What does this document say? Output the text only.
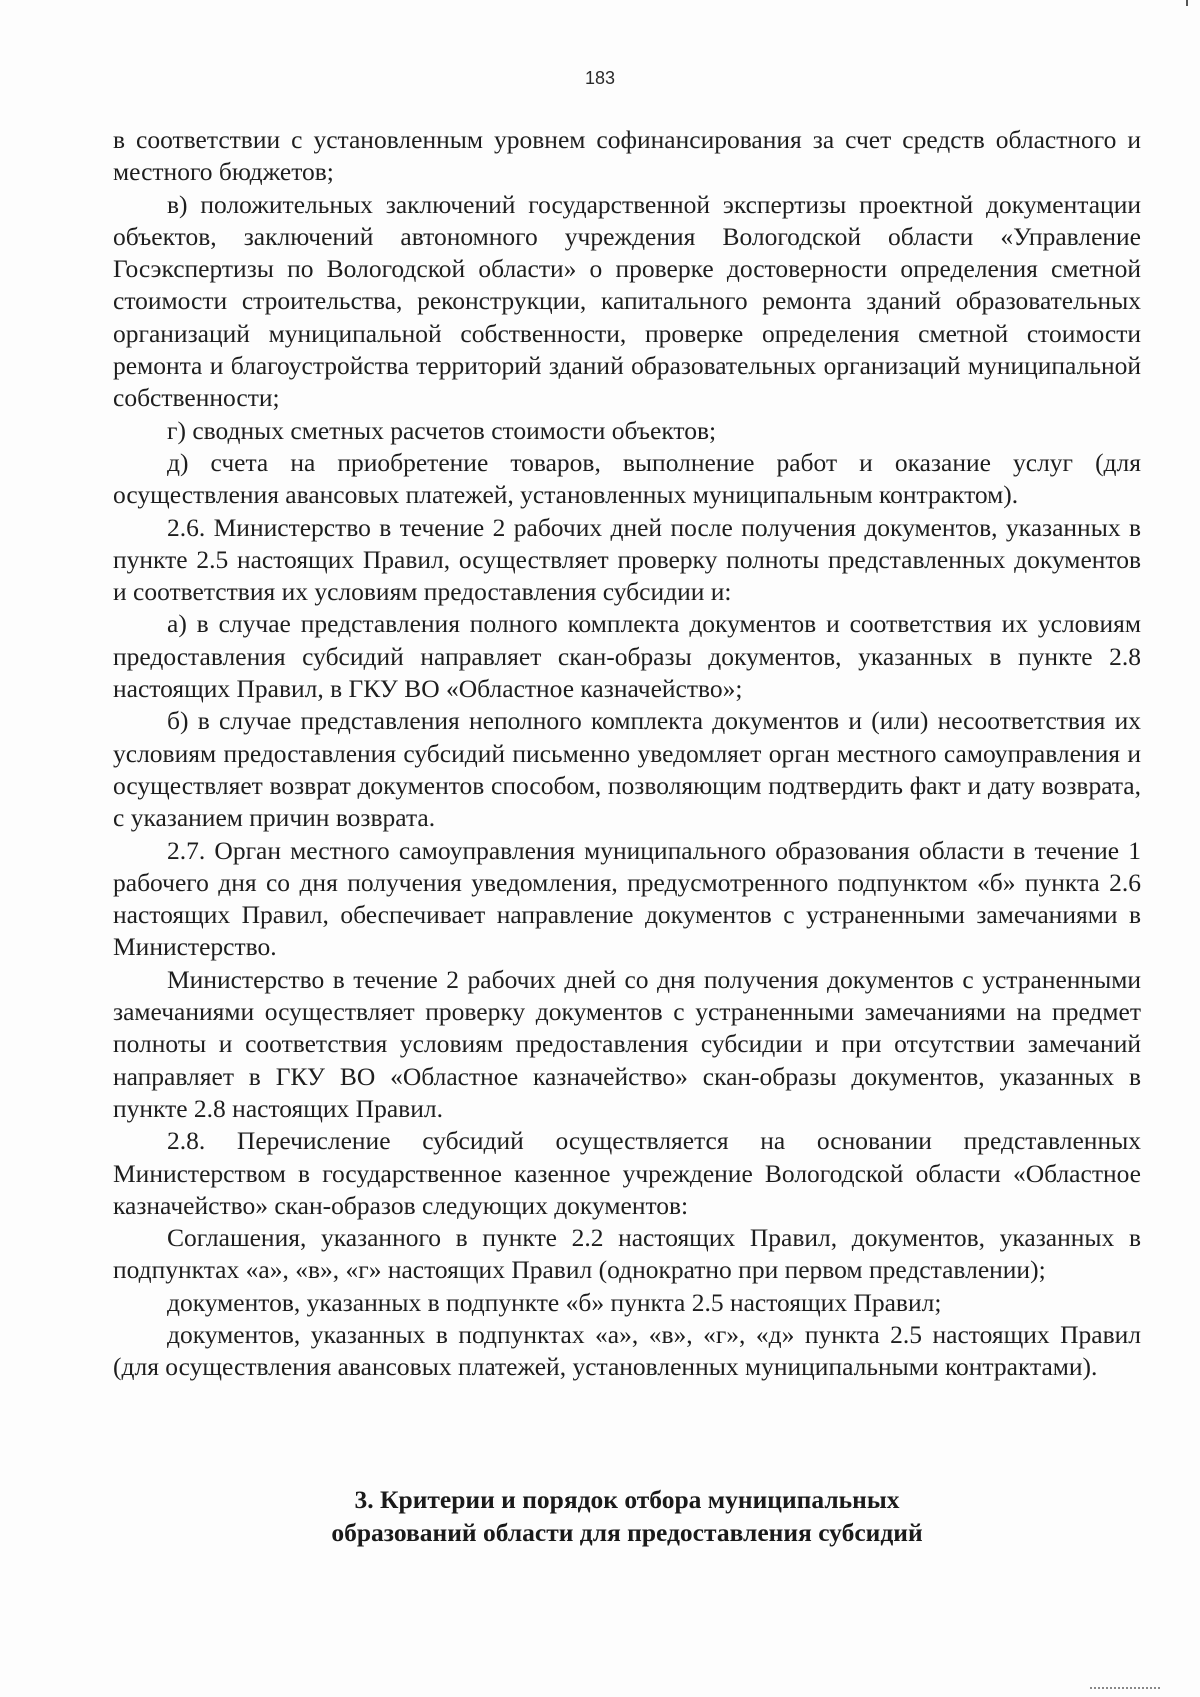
183

в соответствии с установленным уровнем софинансирования за счет средств областного и местного бюджетов;

в) положительных заключений государственной экспертизы проектной документации объектов, заключений автономного учреждения Вологодской области «Управление Госэкспертизы по Вологодской области» о проверке достоверности определения сметной стоимости строительства, реконструкции, капитального ремонта зданий образовательных организаций муниципальной собственности, проверке определения сметной стоимости ремонта и благоустройства территорий зданий образовательных организаций муниципальной собственности;

г) сводных сметных расчетов стоимости объектов;

д) счета на приобретение товаров, выполнение работ и оказание услуг (для осуществления авансовых платежей, установленных муниципальным контрактом).

2.6. Министерство в течение 2 рабочих дней после получения документов, указанных в пункте 2.5 настоящих Правил, осуществляет проверку полноты представленных документов и соответствия их условиям предоставления субсидии и:

а) в случае представления полного комплекта документов и соответствия их условиям предоставления субсидий направляет скан-образы документов, указанных в пункте 2.8 настоящих Правил, в ГКУ ВО «Областное казначейство»;

б) в случае представления неполного комплекта документов и (или) несоответствия их условиям предоставления субсидий письменно уведомляет орган местного самоуправления и осуществляет возврат документов способом, позволяющим подтвердить факт и дату возврата, с указанием причин возврата.

2.7. Орган местного самоуправления муниципального образования области в течение 1 рабочего дня со дня получения уведомления, предусмотренного подпунктом «б» пункта 2.6 настоящих Правил, обеспечивает направление документов с устраненными замечаниями в Министерство.

Министерство в течение 2 рабочих дней со дня получения документов с устраненными замечаниями осуществляет проверку документов с устраненными замечаниями на предмет полноты и соответствия условиям предоставления субсидии и при отсутствии замечаний направляет в ГКУ ВО «Областное казначейство» скан-образы документов, указанных в пункте 2.8 настоящих Правил.

2.8. Перечисление субсидий осуществляется на основании представленных Министерством в государственное казенное учреждение Вологодской области «Областное казначейство» скан-образов следующих документов:

Соглашения, указанного в пункте 2.2 настоящих Правил, документов, указанных в подпунктах «а», «в», «г» настоящих Правил (однократно при первом представлении);

документов, указанных в подпункте «б» пункта 2.5 настоящих Правил;

документов, указанных в подпунктах «а», «в», «г», «д» пункта 2.5 настоящих Правил (для осуществления авансовых платежей, установленных муниципальными контрактами).

3. Критерии и порядок отбора муниципальных
образований области для предоставления субсидий
